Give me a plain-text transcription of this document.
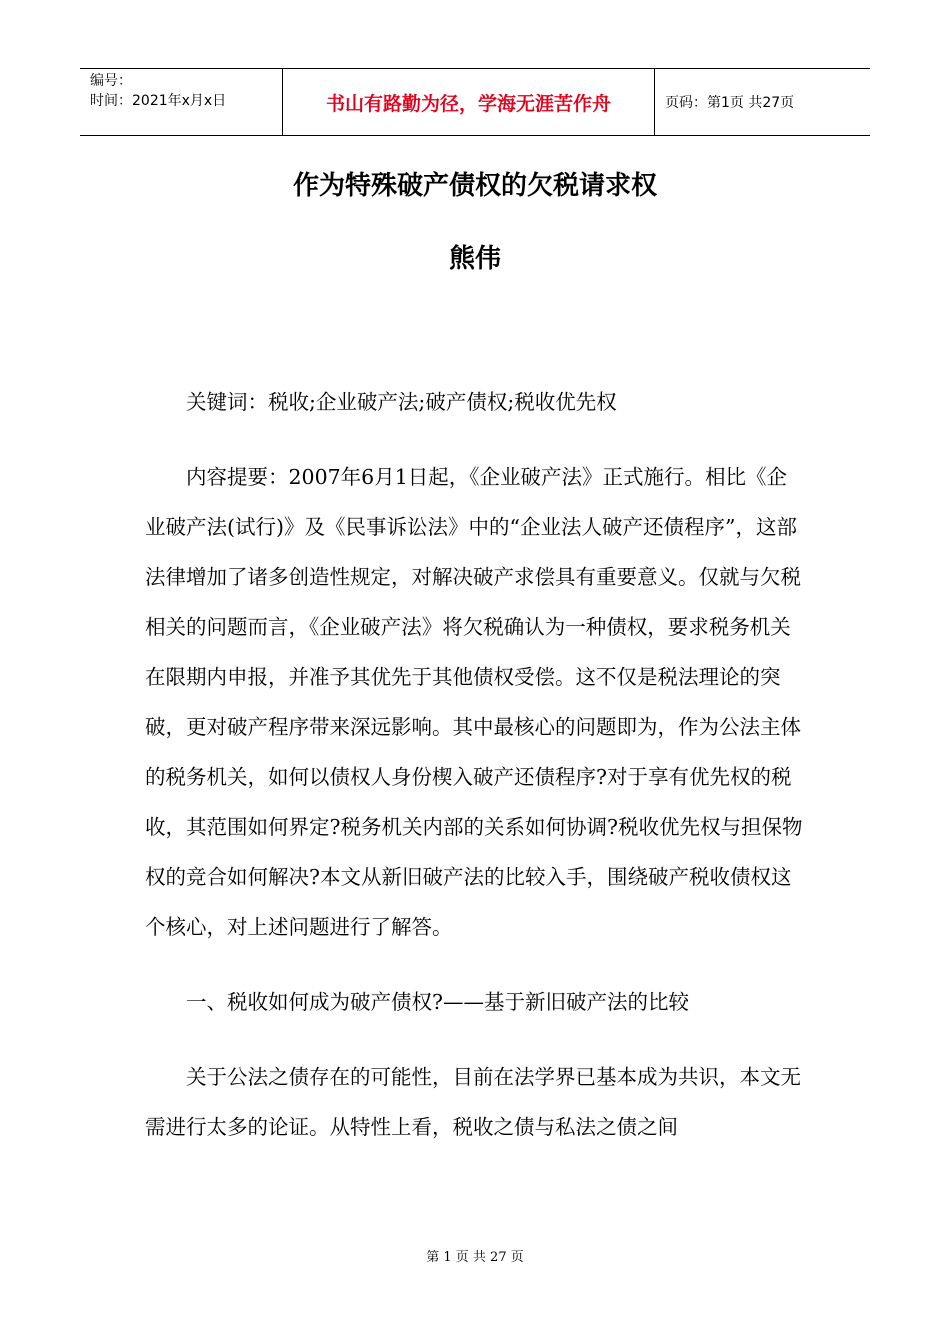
编号：
时间：2021年x月x日	书山有路勤为径，学海无涯苦作舟	页码：第1页 共27页
作为特殊破产债权的欠税请求权
熊伟

关键词：税收;企业破产法;破产债权;税收优先权

内容提要：2007年6月1日起，《企业破产法》正式施行。相比《企业破产法(试行)》及《民事诉讼法》中的“企业法人破产还债程序”，这部法律增加了诸多创造性规定，对解决破产求偿具有重要意义。仅就与欠税相关的问题而言，《企业破产法》将欠税确认为一种债权，要求税务机关在限期内申报，并准予其优先于其他债权受偿。这不仅是税法理论的突破，更对破产程序带来深远影响。其中最核心的问题即为，作为公法主体的税务机关，如何以债权人身份楔入破产还债程序?对于享有优先权的税收，其范围如何界定?税务机关内部的关系如何协调?税收优先权与担保物权的竞合如何解决?本文从新旧破产法的比较入手，围绕破产税收债权这个核心，对上述问题进行了解答。

一、税收如何成为破产债权?——基于新旧破产法的比较

关于公法之债存在的可能性，目前在法学界已基本成为共识，本文无需进行太多的论证。从特性上看，税收之债与私法之债之间

第 1 页 共 27 页
